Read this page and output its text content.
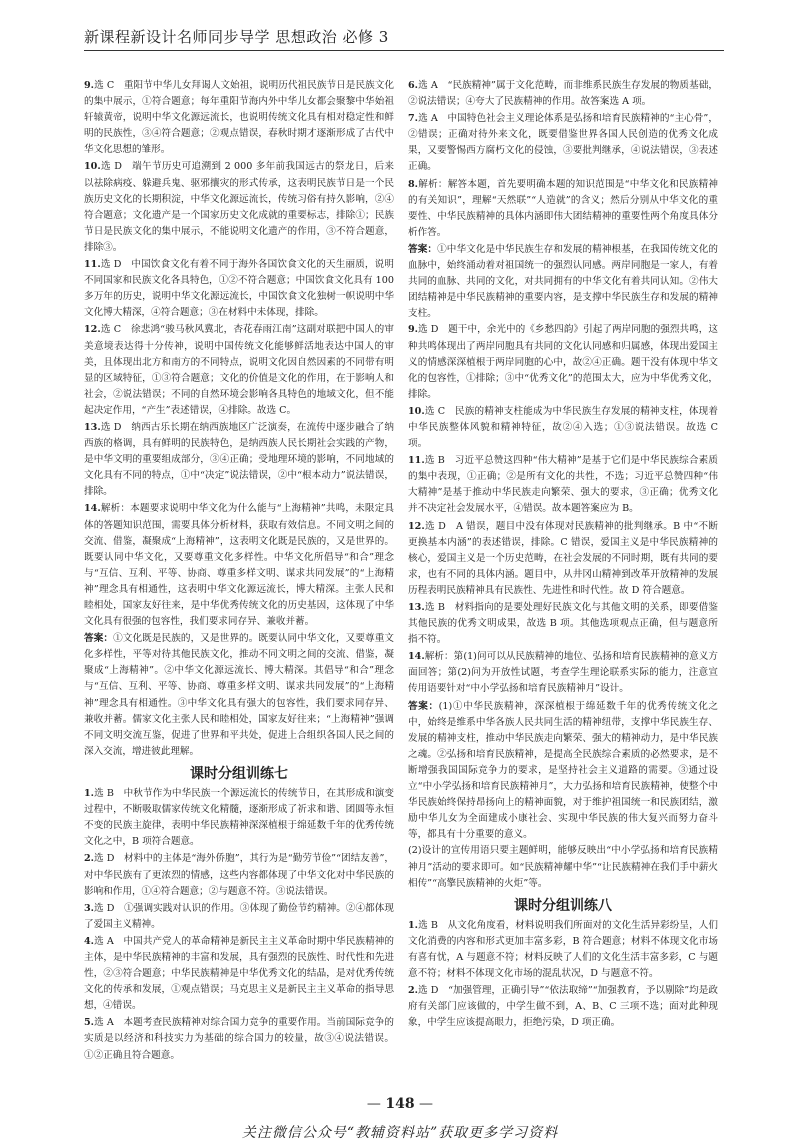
新课程新设计名师同步导学 思想政治 必修 3
9.选 C　重阳节中华儿女拜谒人文始祖，说明历代祖民族节日是民族文化的集中展示，①符合题意；每年重阳节海内外中华儿女都会聚黎中华始祖轩辕黄帝，说明中华文化源远流长，也说明传统文化具有相对稳定性和鲜明的民族性，③④符合题意；②观点错误，春秋时期才逐渐形成了古代中华文化思想的雏形。
10.选 D　端午节历史可追溯到 2 000 多年前我国远古的祭龙日，后来以祛除病疫、躲避兵鬼、驱邪攘灾的形式传承，这表明民族节日是一个民族历史文化的长期积淀，中华文化源远流长，传统习俗有持久影响，②④符合题意；文化遗产是一个国家历史文化成就的重要标志，排除①；民族节日是民族文化的集中展示，不能说明文化遗产的作用，③不符合题意，排除③。
11.选 D　中国饮食文化有着不同于海外各国饮食文化的天生丽质，说明不同国家和民族文化各具特色，①②不符合题意；中国饮食文化具有 100 多万年的历史，说明中华文化源远流长，中国饮食文化独树一帜说明中华文化博大精深，④符合题意；③在材料中未体现，排除。
12.选 C　徐悲鸿“骏马秋风冀北，杏花春雨江南”这副对联把中国人的审美意境表达得十分传神，说明中国传统文化能够鲜活地表达中国人的审美，且体现出北方和南方的不同特点，说明文化因自然因素的不同带有明显的区域特征，①③符合题意；文化的价值是文化的作用，在于影响人和社会，②说法错误；不同的自然环境会影响各具特色的地域文化，但不能起决定作用，“产生”表述错误，④排除。故选 C。
13.选 D　纳西古乐长期在纳西族地区广泛演奏，在流传中逐步融合了纳西族的格调，具有鲜明的民族特色，是纳西族人民长期社会实践的产物，是中华文明的重要组成部分，③④正确；受地理环境的影响，不同地域的文化具有不同的特点，①中“决定”说法错误，②中“根本动力”说法错误，排除。
14.解析：本题要求说明中华文化为什么能与“上海精神”共鸣，未限定具体的答题知识范围，需要具体分析材料，获取有效信息。不同文明之间的交流、借鉴，凝聚成“上海精神”，这表明文化既是民族的，又是世界的。既要认同中华文化，又要尊重文化多样性。中华文化所倡导“和合”理念与“互信、互利、平等、协商、尊重多样文明、谋求共同发展”的“上海精神”理念具有相通性，这表明中华文化源远流长，博大精深。主张人民和睦相处，国家友好往来，是中华优秀传统文化的历史基因，这体现了中华文化具有很强的包容性，我们要求同存异、兼收并蓄。

答案：①文化既是民族的，又是世界的。既要认同中华文化，又要尊重文化多样性，平等对待其他民族文化，推动不同文明之间的交流、借鉴，凝聚成“上海精神”。②中华文化源远流长、博大精深。其倡导“和合”理念与“互信、互利、平等、协商、尊重多样文明、谋求共同发展”的“上海精神”理念具有相通性。③中华文化具有强大的包容性，我们要求同存异、兼收并蓄。儒家文化主张人民和睦相处，国家友好往来；“上海精神”强调不同文明交流互鉴，促进了世界和平共处，促进上合组织各国人民之间的深入交流，增进彼此理解。

课时分组训练七
1.选 B　中秋节作为中华民族一个源远流长的传统节日，在其形成和演变过程中，不断吸取儒家传统文化精髓，逐渐形成了祈求和谐、团圆等永恒不变的民族主旋律，表明中华民族精神深深植根于绵延数千年的优秀传统文化之中，B 项符合题意。
2.选 D　材料中的主体是“海外侨胞”，其行为是“勤劳节俭”“团结友善”，对中华民族有了更浓烈的情感，这些内容都体现了中华文化对中华民族的影响和作用，①④符合题意；②与题意不符。③说法错误。
3.选 D　①强调实践对认识的作用。③体现了勤俭节约精神。②④都体现了爱国主义精神。
4.选 A　中国共产党人的革命精神是新民主主义革命时期中华民族精神的主体，是中华民族精神的丰富和发展，具有强烈的民族性、时代性和先进性，②③符合题意；中华民族精神是中华优秀文化的结晶，是对优秀传统文化的传承和发展，①观点错误；马克思主义是新民主主义革命的指导思想，④错误。
5.选 A　本题考查民族精神对综合国力竞争的重要作用。当前国际竞争的实质是以经济和科技实力为基础的综合国力的较量，故③④说法错误。①②正确且符合题意。
6.选 A　“民族精神”属于文化范畴，而非维系民族生存发展的物质基础，②说法错误；④夸大了民族精神的作用。故答案选 A 项。
7.选 A　中国特色社会主义理论体系是弘扬和培育民族精神的“主心骨”，②错误；正确对待外来文化，既要借鉴世界各国人民创造的优秀文化成果，又要警惕西方腐朽文化的侵蚀，③要批判继承，④说法错误，③表述正确。
8.解析：解答本题，首先要明确本题的知识范围是“中华文化和民族精神的有关知识”，理解“天然联”“人造就”的含义；然后分别从中华文化的重要性、中华民族精神的具体内涵即伟大团结精神的重要性两个角度具体分析作答。

答案：①中华文化是中华民族生存和发展的精神根基，在我国传统文化的血脉中，始终涌动着对祖国统一的强烈认同感。两岸同胞是一家人，有着共同的血脉、共同的文化，对共同拥有的中华文化有着共同认知。②伟大团结精神是中华民族精神的重要内容，是支撑中华民族生存和发展的精神支柱。

9.选 D　题干中，余光中的《乡愁四韵》引起了两岸同胞的强烈共鸣，这种共鸣体现出了两岸同胞具有共同的文化认同感和归属感，体现出爱国主义的情感深深植根于两岸同胞的心中，故②④正确。题干没有体现中华文化的包容性，①排除；③中“优秀文化”的范围太大，应为中华优秀文化，排除。
10.选 C　民族的精神支柱能成为中华民族生存发展的精神支柱，体现着中华民族整体风貌和精神特征，故②④入选；①③说法错误。故选 C 项。
11.选 B　习近平总赞这四种“伟大精神”是基于它们是中华民族综合素质的集中表现，①正确；②是所有文化的共性，不选；习近平总赞四种“伟大精神”是基于推动中华民族走向繁荣、强大的要求，③正确；优秀文化并不决定社会发展水平，④错误。故本题答案应为 B。
12.选 D　A 错误，题目中没有体现对民族精神的批判继承。B 中“不断更换基本内涵”的表述错误，排除。C 错误，爱国主义是中华民族精神的核心，爱国主义是一个历史范畴，在社会发展的不同时期，既有共同的要求，也有不同的具体内涵。题目中，从井冈山精神到改革开放精神的发展历程表明民族精神具有民族性、先进性和时代性。故 D 符合题意。
13.选 B　材料指向的是要处理好民族文化与其他文明的关系，即要借鉴其他民族的优秀文明成果，故选 B 项。其他选项观点正确，但与题意所指不符。
14.解析：第(1)问可以从民族精神的地位、弘扬和培育民族精神的意义方面回答；第(2)问为开放性试题，考查学生理论联系实际的能力，注意宣传用语要针对“中小学弘扬和培育民族精神月”设计。

答案：(1)①中华民族精神，深深植根于绵延数千年的优秀传统文化之中，始终是维系中华各族人民共同生活的精神纽带，支撑中华民族生存、发展的精神支柱，推动中华民族走向繁荣、强大的精神动力，是中华民族之魂。②弘扬和培育民族精神，是提高全民族综合素质的必然要求，是不断增强我国国际竞争力的要求，是坚持社会主义道路的需要。③通过设立“中小学弘扬和培育民族精神月”，大力弘扬和培育民族精神，使整个中华民族始终保持昂扬向上的精神面貌，对于维护祖国统一和民族团结，激励中华儿女为全面建成小康社会、实现中华民族的伟大复兴而努力奋斗等，都具有十分重要的意义。

(2)设计的宣传用语只要主题鲜明，能够反映出“中小学弘扬和培育民族精神月”活动的要求即可。如“民族精神耀中华”“让民族精神在我们手中薪火相传”“高擎民族精神的火炬”等。

课时分组训练八
1.选 B　从文化角度看，材料说明我们所面对的文化生活异彩纷呈，人们文化消费的内容和形式更加丰富多彩，B 符合题意；材料不体现文化市场有喜有忧，A 与题意不符；材料反映了人们的文化生活丰富多彩，C 与题意不符；材料不体现文化市场的混乱状况，D 与题意不符。
2.选 D　“加强管理，正确引导”“依法取缔”“加强教育，予以剔除”均是政府有关部门应该做的，中学生做不到，A、B、C 三项不选；面对此种现象，中学生应该提高眼力，拒绝污染，D 项正确。
— 148 —
关注微信公众号“教辅资料站”获取更多学习资料
